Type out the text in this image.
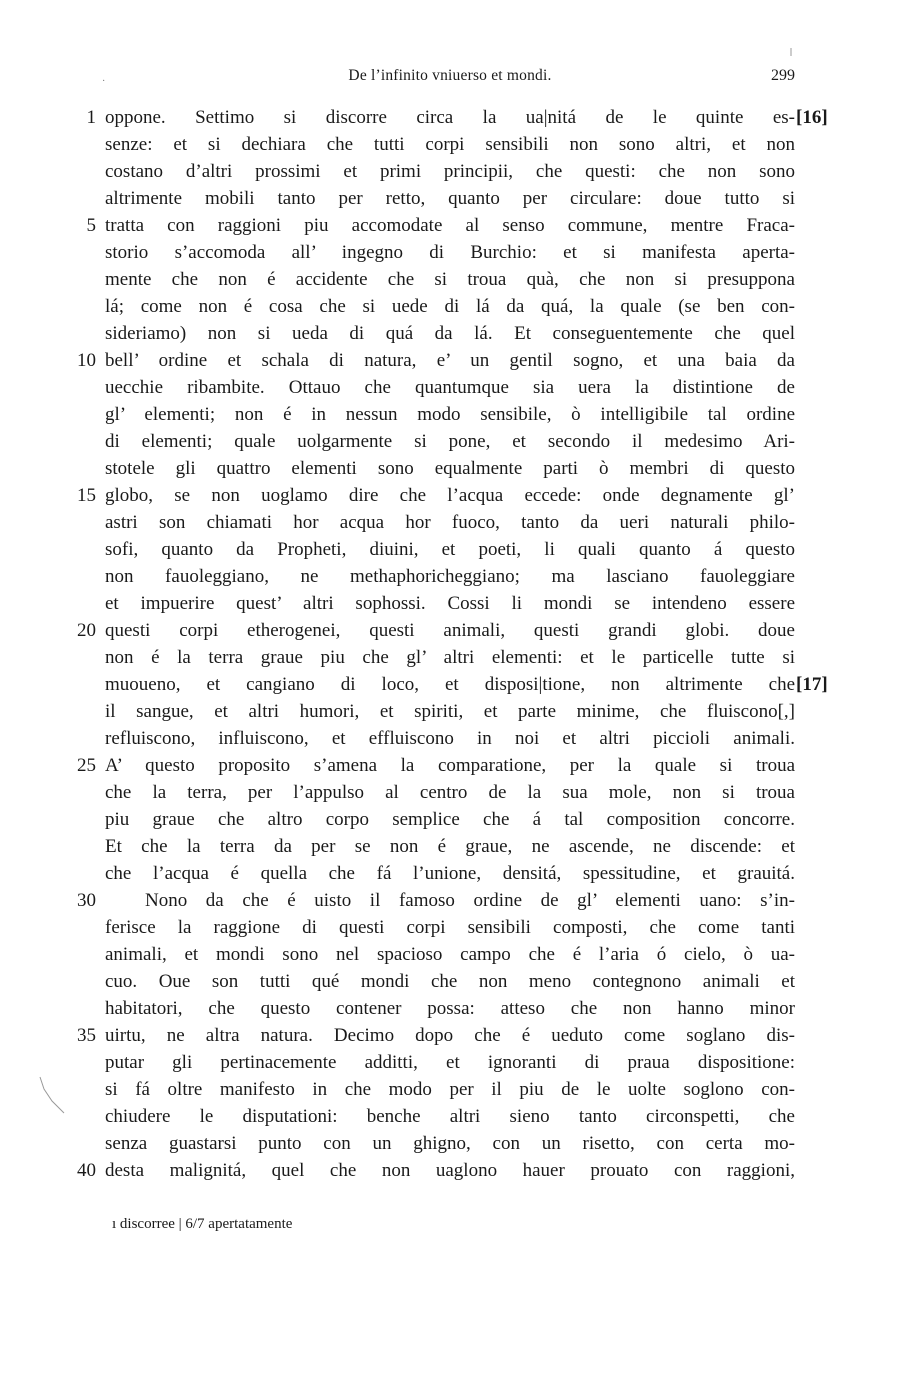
·	De l’infinito vniuerso et mondi.	299
1
5
10
15
20
25
30
35
40
[16]
[17]
oppone. Settimo si discorre circa la ua|nitá de le quinte es-
senze: et si dechiara che tutti corpi sensibili non sono altri, et non
costano d’altri prossimi et primi principii, che questi: che non sono
altrimente mobili tanto per retto, quanto per circulare: doue tutto si
tratta con raggioni piu accomodate al senso commune, mentre Fraca-
storio s’accomoda all’ ingegno di Burchio: et si manifesta aperta-
mente che non é accidente che si troua quà, che non si presuppona
lá; come non é cosa che si uede di lá da quá, la quale (se ben con-
sideriamo) non si ueda di quá da lá. Et conseguentemente che quel
bell’ ordine et schala di natura, e’ un gentil sogno, et una baia da
uecchie ribambite. Ottauo che quantumque sia uera la distintione de
gl’ elementi; non é in nessun modo sensibile, ò intelligibile tal ordine
di elementi; quale uolgarmente si pone, et secondo il medesimo Ari-
stotele gli quattro elementi sono equalmente parti ò membri di questo
globo, se non uoglamo dire che l’acqua eccede: onde degnamente gl’
astri son chiamati hor acqua hor fuoco, tanto da ueri naturali philo-
sofi, quanto da Propheti, diuini, et poeti, li quali quanto á questo
non fauoleggiano, ne methaphoricheggiano; ma lasciano fauoleggiare
et impuerire quest’ altri sophossi. Cossi li mondi se intendeno essere
questi corpi etherogenei, questi animali, questi grandi globi. doue
non é la terra graue piu che gl’ altri elementi: et le particelle tutte si
muoueno, et cangiano di loco, et disposi|tione, non altrimente che
il sangue, et altri humori, et spiriti, et parte minime, che fluiscono[,]
refluiscono, influiscono, et effluiscono in noi et altri piccioli animali.
A’ questo proposito s’amena la comparatione, per la quale si troua
che la terra, per l’appulso al centro de la sua mole, non si troua
piu graue che altro corpo semplice che á tal composition concorre.
Et che la terra da per se non é graue, ne ascende, ne discende: et
che l’acqua é quella che fá l’unione, densitá, spessitudine, et grauitá.
Nono da che é uisto il famoso ordine de gl’ elementi uano: s’in-
ferisce la raggione di questi corpi sensibili composti, che come tanti
animali, et mondi sono nel spacioso campo che é l’aria ó cielo, ò ua-
cuo. Oue son tutti qué mondi che non meno contegnono animali et
habitatori, che questo contener possa: atteso che non hanno minor
uirtu, ne altra natura. Decimo dopo che é ueduto come soglano dis-
putar gli pertinacemente additti, et ignoranti di praua dispositione:
si fá oltre manifesto in che modo per il piu de le uolte soglono con-
chiudere le disputationi: benche altri sieno tanto circonspetti, che
senza guastarsi punto con un ghigno, con un risetto, con certa mo-
desta malignitá, quel che non uaglono hauer prouato con raggioni,
ı discorree | 6/7 apertatamente
